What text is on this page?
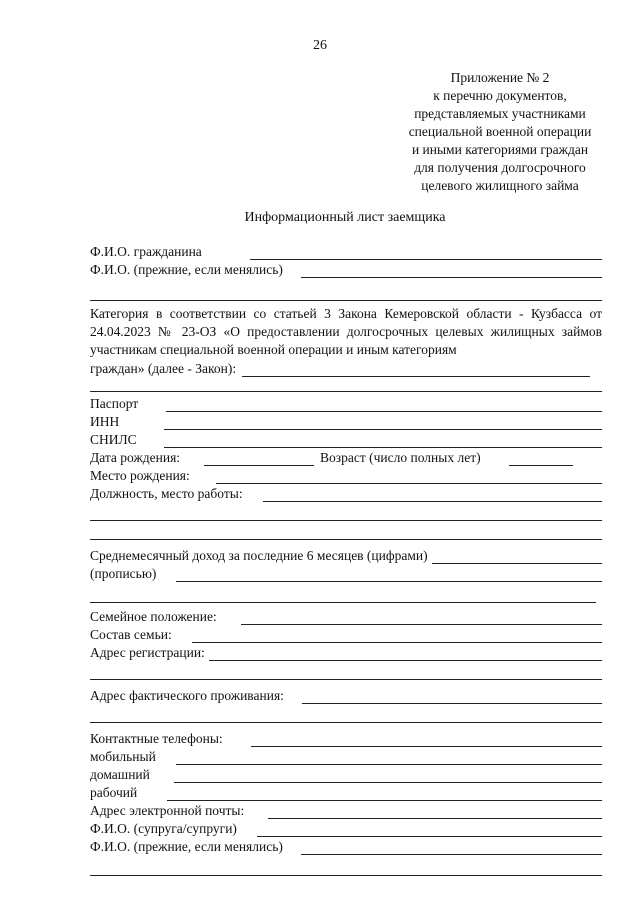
26
Приложение № 2
к перечню документов,
представляемых участниками
специальной военной операции
и иными категориями граждан
для получения долгосрочного
целевого жилищного займа
Информационный лист заемщика
Ф.И.О. гражданина
Ф.И.О. (прежние, если менялись)
Категория в соответствии со статьей 3 Закона Кемеровской области - Кузбасса от 24.04.2023 № 23-ОЗ «О предоставлении долгосрочных целевых жилищных займов участникам специальной военной операции и иным категориям
граждан» (далее - Закон):
Паспорт
ИНН
СНИЛС
Дата рождения:	Возраст (число полных лет)
Место рождения:
Должность, место работы:
Среднемесячный доход за последние 6 месяцев (цифрами)
(прописью)
Семейное положение:
Состав семьи:
Адрес регистрации:
Адрес фактического проживания:
Контактные телефоны:
мобильный
домашний
рабочий
Адрес электронной почты:
Ф.И.О. (супруга/супруги)
Ф.И.О. (прежние, если менялись)
